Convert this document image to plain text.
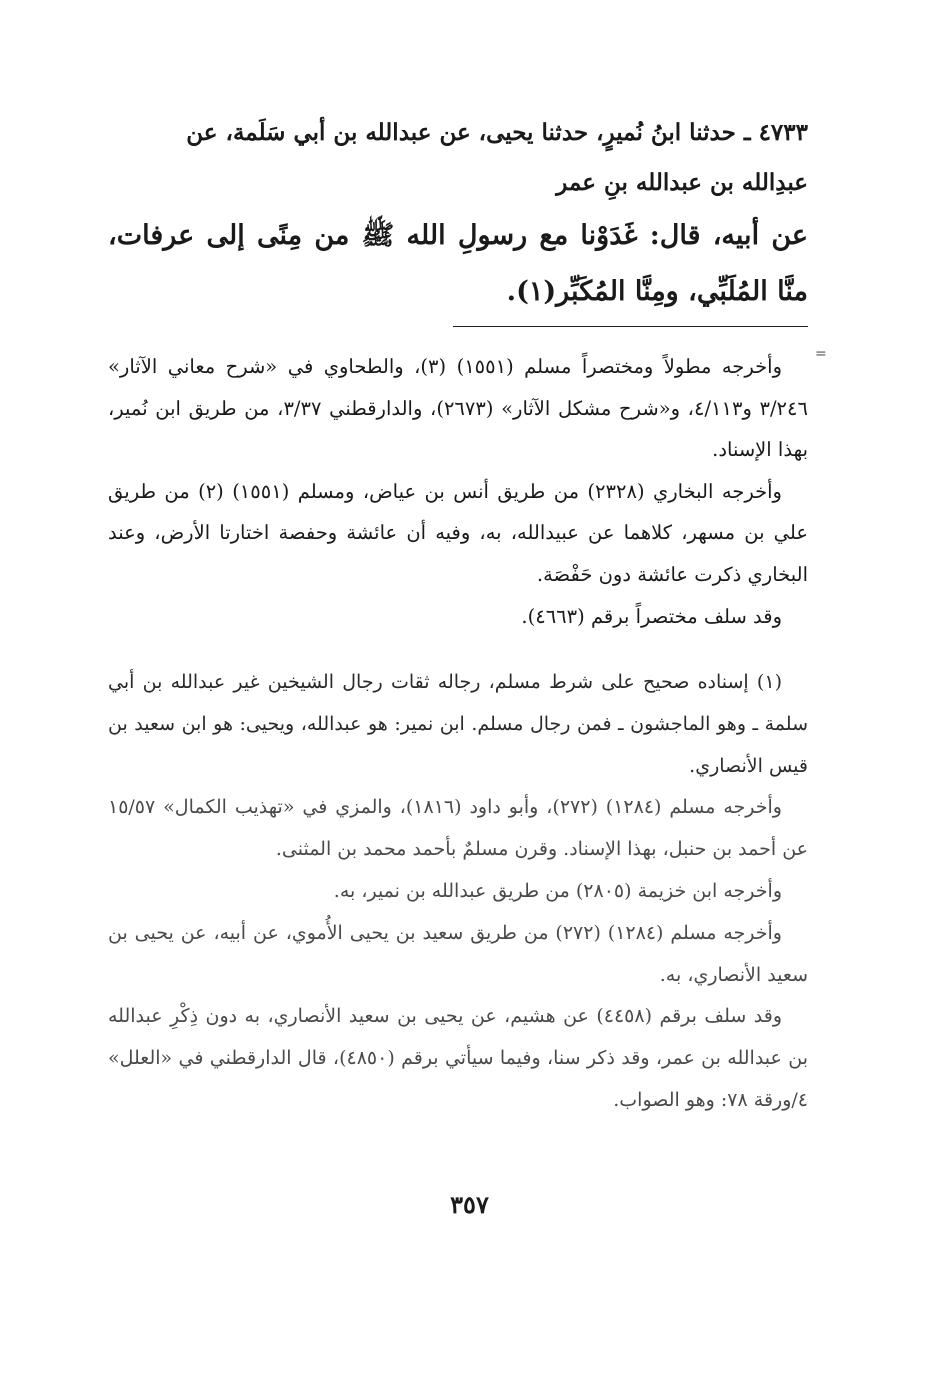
٤٧٣٣ ـ حدثنا ابنُ نُميرٍ، حدثنا يحيى، عن عبدالله بن أبي سَلَمة، عن
عبدِالله بن عبدالله بنِ عمر
عن أبيه، قال: غَدَوْنا مع رسولِ الله ﷺ من مِنًى إلى عرفات، منَّا المُلَبِّي، ومِنَّا المُكَبِّر(١).
=

وأخرجه مطولاً ومختصراً مسلم (١٥٥١) (٣)، والطحاوي في «شرح معاني الآثار» ٣/٢٤٦ و٤/١١٣، و«شرح مشكل الآثار» (٢٦٧٣)، والدارقطني ٣/٣٧، من طريق ابن نُمير، بهذا الإسناد.

وأخرجه البخاري (٢٣٢٨) من طريق أنس بن عياض، ومسلم (١٥٥١) (٢) من طريق علي بن مسهر، كلاهما عن عبيدالله، به، وفيه أن عائشة وحفصة اختارتا الأرض، وعند البخاري ذكرت عائشة دون حَفْصَة.

وقد سلف مختصراً برقم (٤٦٦٣).

(١) إسناده صحيح على شرط مسلم، رجاله ثقات رجال الشيخين غير عبدالله بن أبي سلمة ـ وهو الماجشون ـ فمن رجال مسلم. ابن نمير: هو عبدالله، ويحيى: هو ابن سعيد بن قيس الأنصاري.

وأخرجه مسلم (١٢٨٤) (٢٧٢)، وأبو داود (١٨١٦)، والمزي في «تهذيب الكمال» ١٥/٥٧ عن أحمد بن حنبل، بهذا الإسناد. وقرن مسلمٌ بأحمد محمد بن المثنى.

وأخرجه ابن خزيمة (٢٨٠٥) من طريق عبدالله بن نمير، به.

وأخرجه مسلم (١٢٨٤) (٢٧٢) من طريق سعيد بن يحيى الأُموي، عن أبيه، عن يحيى بن سعيد الأنصاري، به.

وقد سلف برقم (٤٤٥٨) عن هشيم، عن يحيى بن سعيد الأنصاري، به دون ذِكْرِ عبدالله بن عبدالله بن عمر، وقد ذكر سنا، وفيما سيأتي برقم (٤٨٥٠)، قال الدارقطني في «العلل» ٤/ورقة ٧٨: وهو الصواب.

٣٥٧
